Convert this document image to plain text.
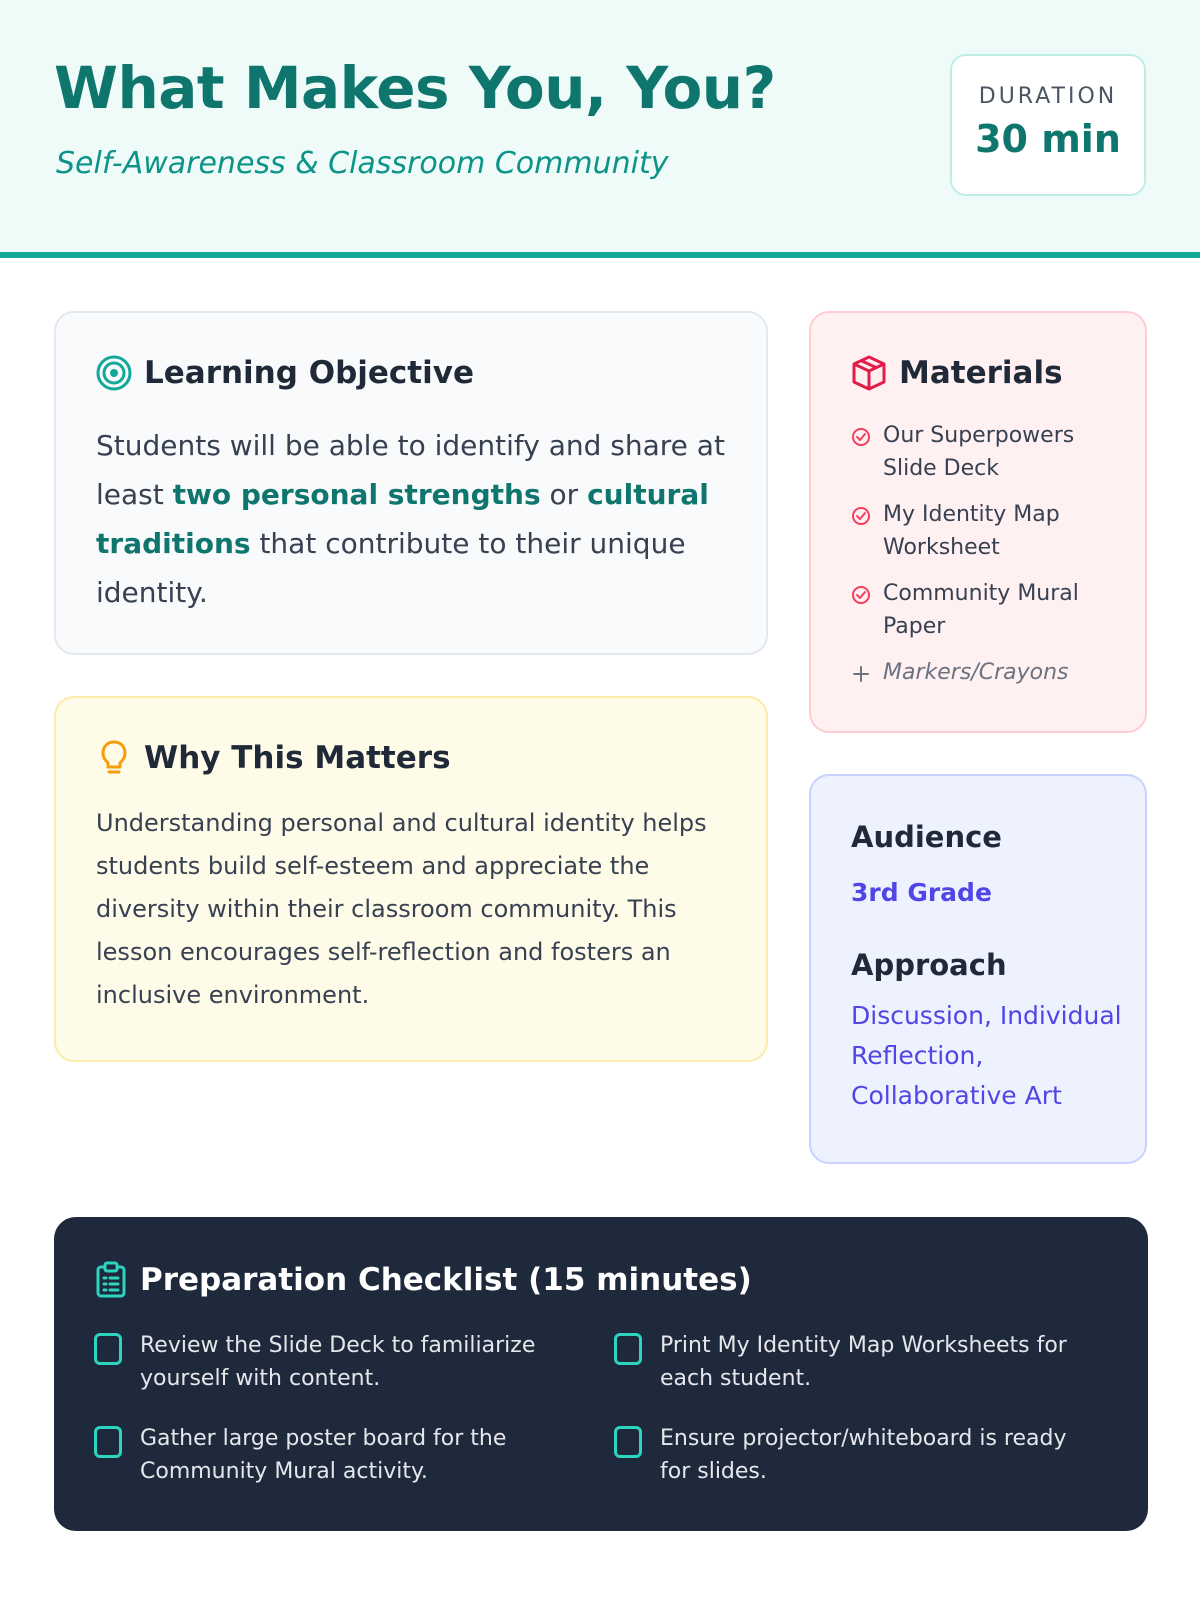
What Makes You, You?
Self-Awareness & Classroom Community
DURATION
30 min
Learning Objective

Students will be able to identify and share at least two personal strengths or cultural traditions that contribute to their unique identity.

Why This Matters

Understanding personal and cultural identity helps students build self-esteem and appreciate the diversity within their classroom community. This lesson encourages self-reflection and fosters an inclusive environment.

Materials
Our Superpowers Slide Deck
My Identity Map Worksheet
Community Mural Paper
Markers/Crayons
Audience
3rd Grade
Approach
Discussion, Individual Reflection, Collaborative Art
Preparation Checklist (15 minutes)
Review the Slide Deck to familiarize yourself with content.
Print My Identity Map Worksheets for each student.
Gather large poster board for the Community Mural activity.
Ensure projector/whiteboard is ready for slides.
